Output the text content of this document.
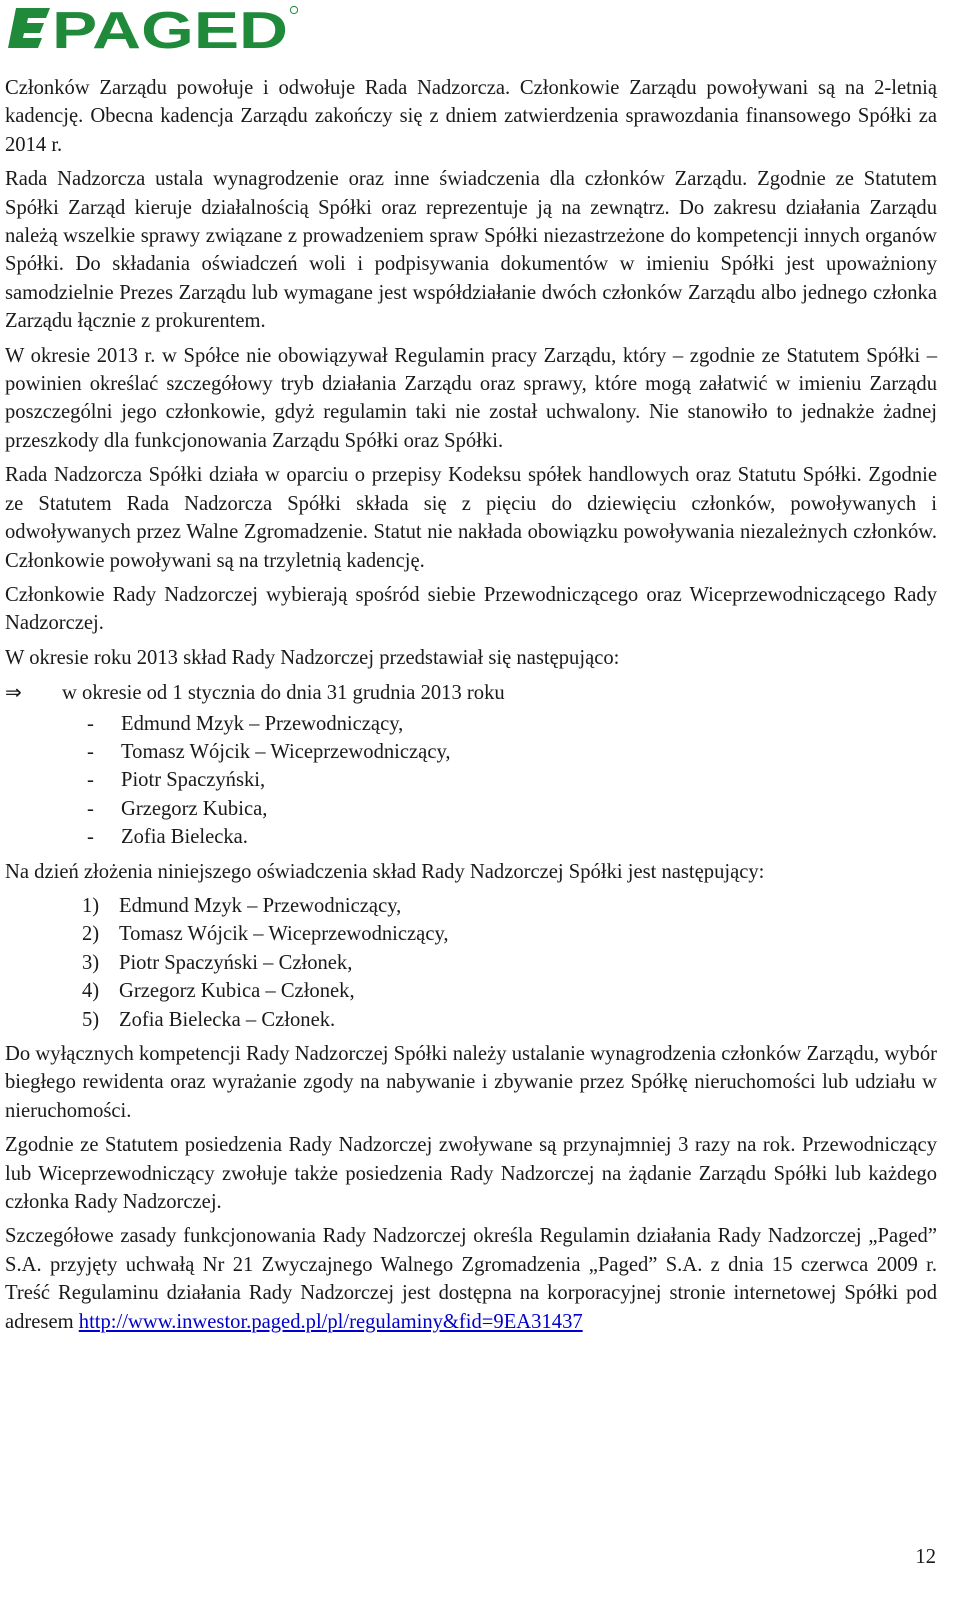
PAGED

Członków Zarządu powołuje i odwołuje Rada Nadzorcza. Członkowie Zarządu powoływani są na 2-letnią kadencję. Obecna kadencja Zarządu zakończy się z dniem zatwierdzenia sprawozdania finansowego Spółki za 2014 r.

Rada Nadzorcza ustala wynagrodzenie oraz inne świadczenia dla członków Zarządu. Zgodnie ze Statutem Spółki Zarząd kieruje działalnością Spółki oraz reprezentuje ją na zewnątrz. Do zakresu działania Zarządu należą wszelkie sprawy związane z prowadzeniem spraw Spółki niezastrzeżone do kompetencji innych organów Spółki. Do składania oświadczeń woli i podpisywania dokumentów w imieniu Spółki jest upoważniony samodzielnie Prezes Zarządu lub wymagane jest współdziałanie dwóch członków Zarządu albo jednego członka Zarządu łącznie z prokurentem.

W okresie 2013 r. w Spółce nie obowiązywał Regulamin pracy Zarządu, który – zgodnie ze Statutem Spółki – powinien określać szczegółowy tryb działania Zarządu oraz sprawy, które mogą załatwić w imieniu Zarządu poszczególni jego członkowie, gdyż regulamin taki nie został uchwalony. Nie stanowiło to jednakże żadnej przeszkody dla funkcjonowania Zarządu Spółki oraz Spółki.

Rada Nadzorcza Spółki działa w oparciu o przepisy Kodeksu spółek handlowych oraz Statutu Spółki. Zgodnie ze Statutem Rada Nadzorcza Spółki składa się z pięciu do dziewięciu członków, powoływanych i odwoływanych przez Walne Zgromadzenie. Statut nie nakłada obowiązku powoływania niezależnych członków. Członkowie powoływani są na trzyletnią kadencję.

Członkowie Rady Nadzorczej wybierają spośród siebie Przewodniczącego oraz Wiceprzewodniczącego Rady Nadzorczej.

W okresie roku 2013 skład Rady Nadzorczej przedstawiał się następująco:

⇒	w okresie od 1 stycznia do dnia 31 grudnia 2013 roku
-	Edmund Mzyk – Przewodniczący,
-	Tomasz Wójcik – Wiceprzewodniczący,
-	Piotr Spaczyński,
-	Grzegorz Kubica,
-	Zofia Bielecka.

Na dzień złożenia niniejszego oświadczenia skład Rady Nadzorczej Spółki jest następujący:

1) Edmund Mzyk – Przewodniczący,
2) Tomasz Wójcik – Wiceprzewodniczący,
3) Piotr Spaczyński – Członek,
4) Grzegorz Kubica – Członek,
5) Zofia Bielecka – Członek.

Do wyłącznych kompetencji Rady Nadzorczej Spółki należy ustalanie wynagrodzenia członków Zarządu, wybór biegłego rewidenta oraz wyrażanie zgody na nabywanie i zbywanie przez Spółkę nieruchomości lub udziału w nieruchomości.

Zgodnie ze Statutem posiedzenia Rady Nadzorczej zwoływane są przynajmniej 3 razy na rok. Przewodniczący lub Wiceprzewodniczący zwołuje także posiedzenia Rady Nadzorczej na żądanie Zarządu Spółki lub każdego członka Rady Nadzorczej.

Szczegółowe zasady funkcjonowania Rady Nadzorczej określa Regulamin działania Rady Nadzorczej „Paged” S.A. przyjęty uchwałą Nr 21 Zwyczajnego Walnego Zgromadzenia „Paged” S.A. z dnia 15 czerwca 2009 r. Treść Regulaminu działania Rady Nadzorczej jest dostępna na korporacyjnej stronie internetowej Spółki pod adresem http://www.inwestor.paged.pl/pl/regulaminy&fid=9EA31437

12
